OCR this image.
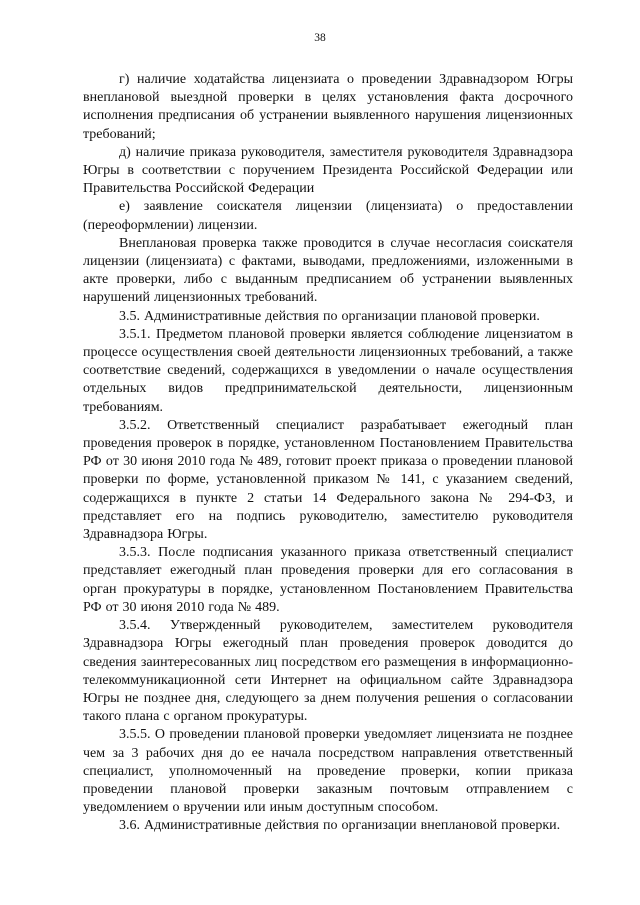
38

г) наличие ходатайства лицензиата о проведении Здравнадзором Югры внеплановой выездной проверки в целях установления факта досрочного исполнения предписания об устранении выявленного нарушения лицензионных требований;

д) наличие приказа руководителя, заместителя руководителя Здравнадзора Югры в соответствии с поручением Президента Российской Федерации или Правительства Российской Федерации

е) заявление соискателя лицензии (лицензиата) о предоставлении (переоформлении) лицензии.

Внеплановая проверка также проводится в случае несогласия соискателя лицензии (лицензиата) с фактами, выводами, предложениями, изложенными в акте проверки, либо с выданным предписанием об устранении выявленных нарушений лицензионных требований.

3.5. Административные действия по организации плановой проверки.

3.5.1. Предметом плановой проверки является соблюдение лицензиатом в процессе осуществления своей деятельности лицензионных требований, а также соответствие сведений, содержащихся в уведомлении о начале осуществления отдельных видов предпринимательской деятельности, лицензионным требованиям.

3.5.2. Ответственный специалист разрабатывает ежегодный план проведения проверок в порядке, установленном Постановлением Правительства РФ от 30 июня 2010 года № 489, готовит проект приказа о проведении плановой проверки по форме, установленной приказом № 141, с указанием сведений, содержащихся в пункте 2 статьи 14 Федерального закона № 294-ФЗ, и представляет его на подпись руководителю, заместителю руководителя Здравнадзора Югры.

3.5.3. После подписания указанного приказа ответственный специалист представляет ежегодный план проведения проверки для его согласования в орган прокуратуры в порядке, установленном Постановлением Правительства РФ от 30 июня 2010 года № 489.

3.5.4. Утвержденный руководителем, заместителем руководителя Здравнадзора Югры ежегодный план проведения проверок доводится до сведения заинтересованных лиц посредством его размещения в информационно-телекоммуникационной сети Интернет на официальном сайте Здравнадзора Югры не позднее дня, следующего за днем получения решения о согласовании такого плана с органом прокуратуры.

3.5.5. О проведении плановой проверки уведомляет лицензиата не позднее чем за 3 рабочих дня до ее начала посредством направления ответственный специалист, уполномоченный на проведение проверки, копии приказа проведении плановой проверки заказным почтовым отправлением с уведомлением о вручении или иным доступным способом.

3.6. Административные действия по организации внеплановой проверки.
